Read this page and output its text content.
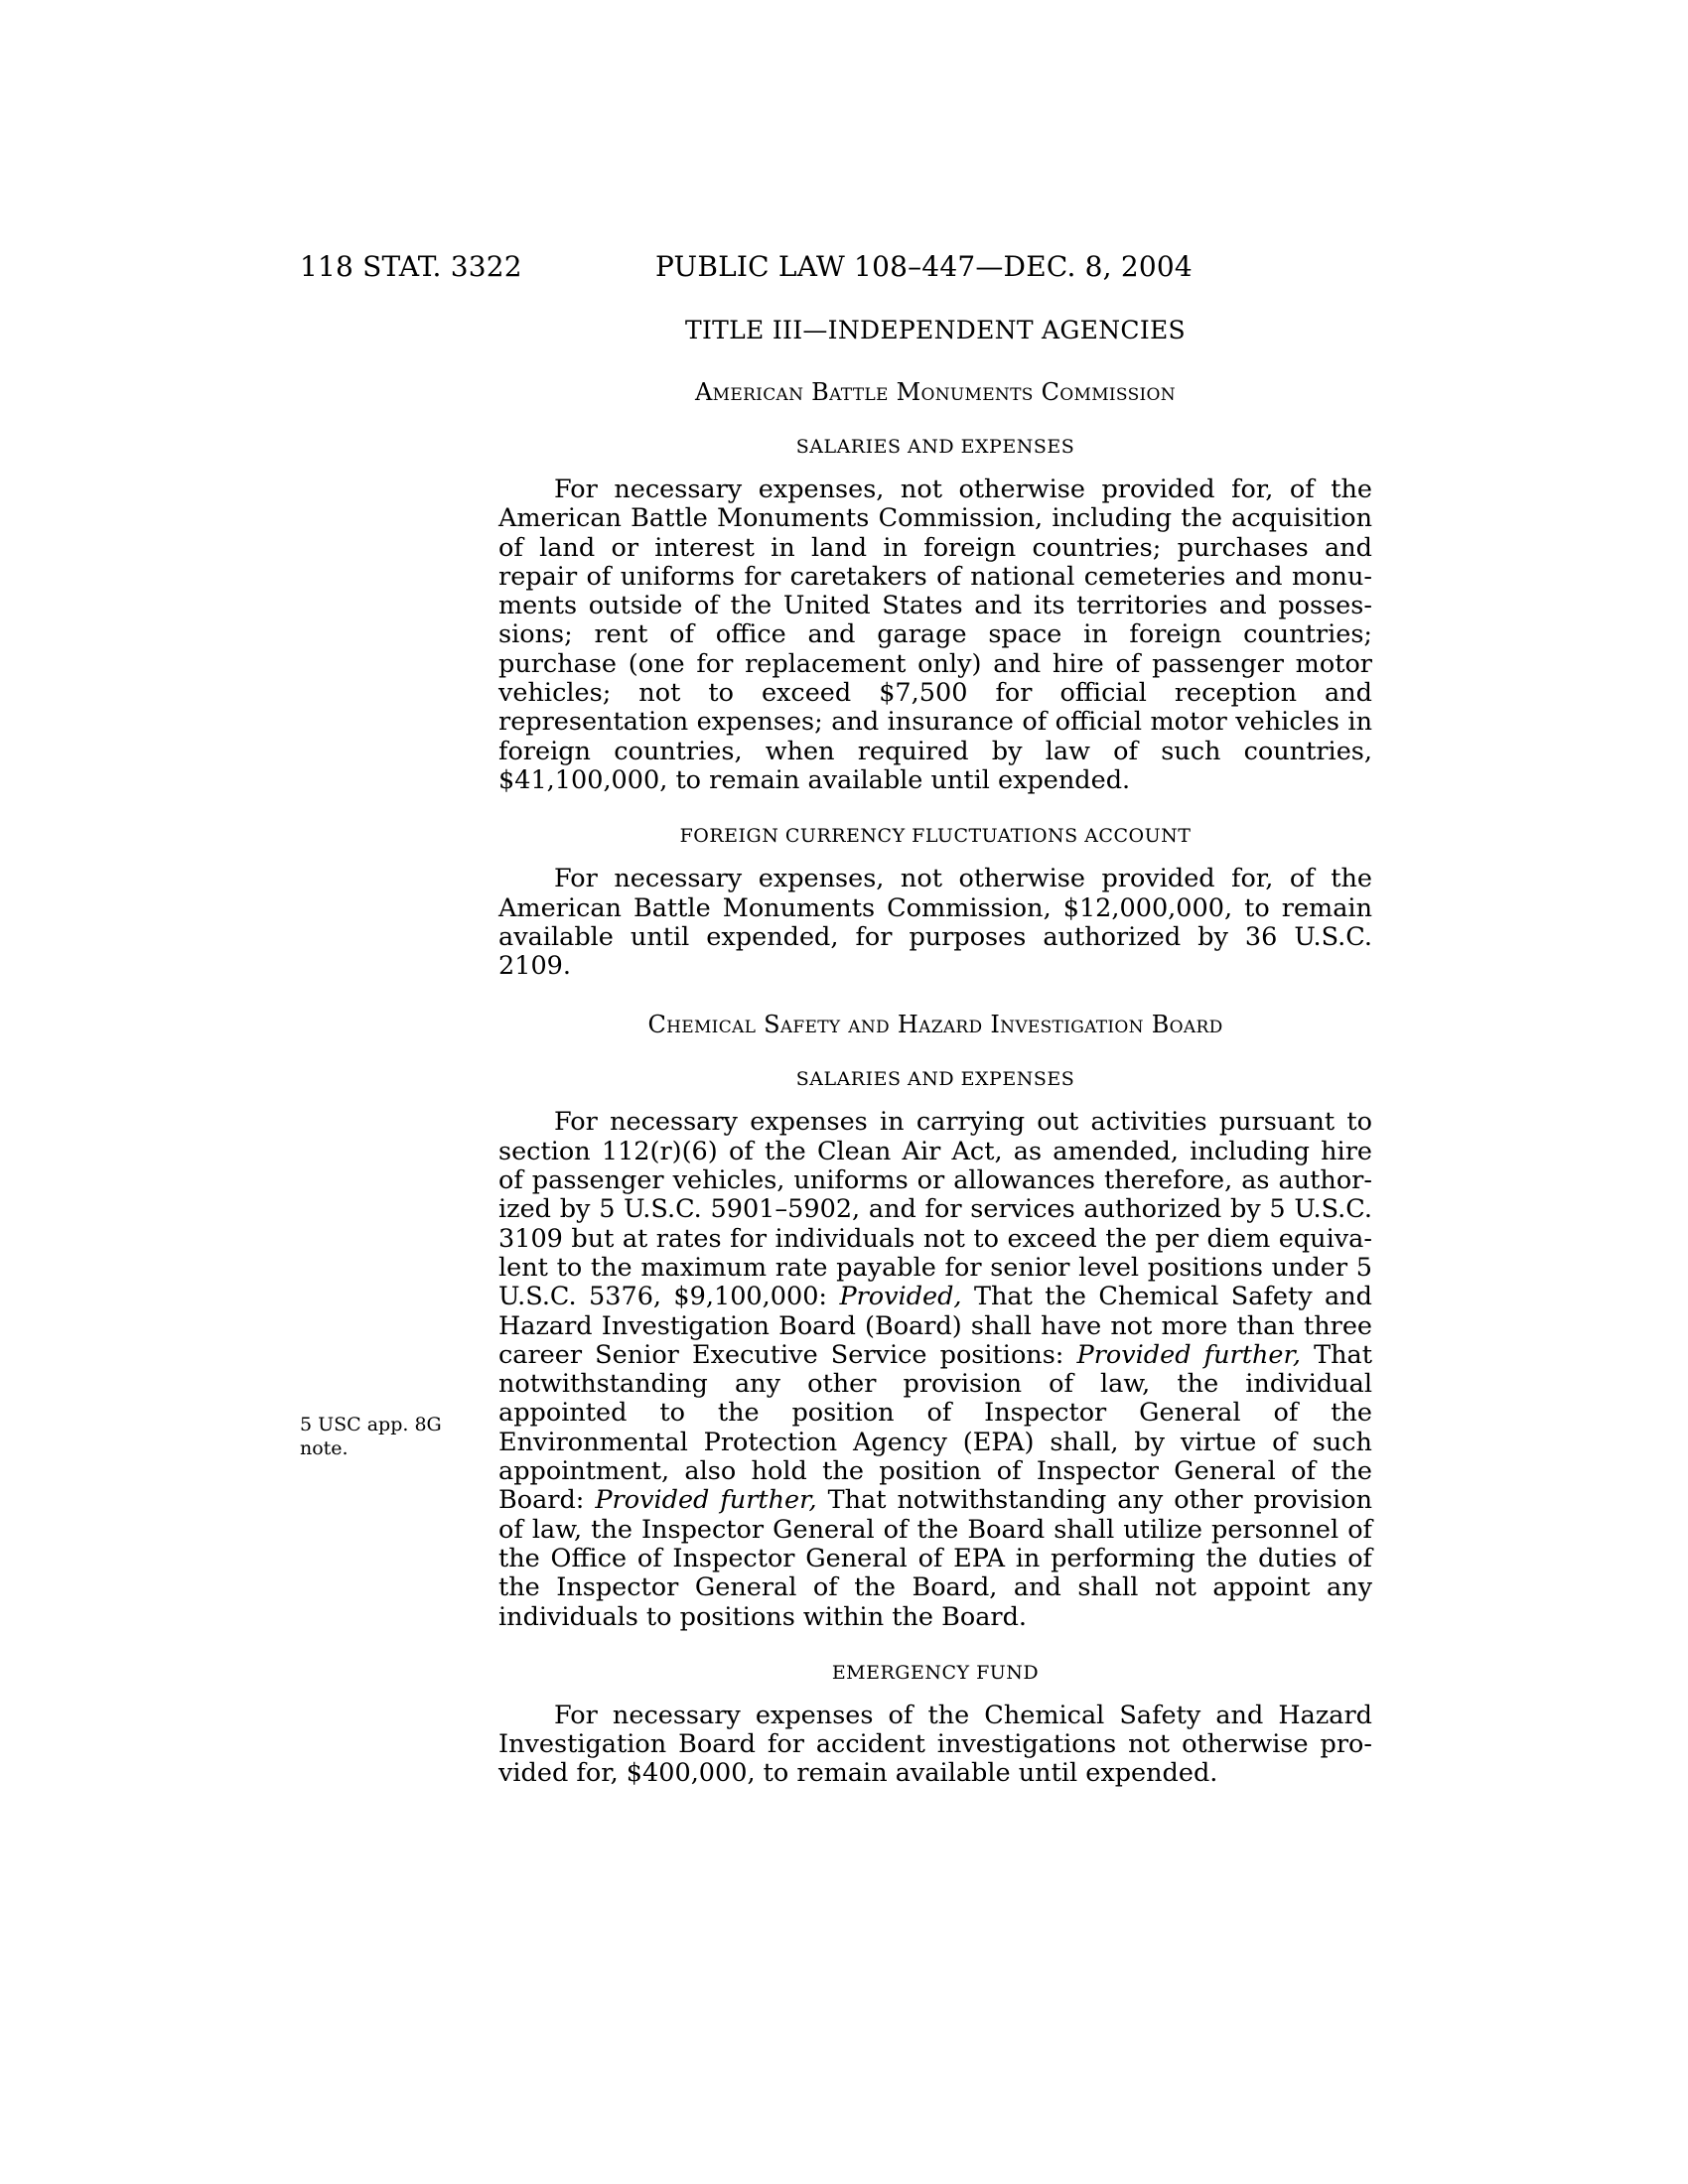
118 STAT. 3322	PUBLIC LAW 108–447—DEC. 8, 2004
5 USC app. 8G note.
TITLE III—INDEPENDENT AGENCIES
American Battle Monuments Commission
SALARIES AND EXPENSES

For necessary expenses, not otherwise provided for, of the American Battle Monuments Commission, including the acquisition of land or interest in land in foreign countries; purchases and repair of uniforms for caretakers of national cemeteries and monuments outside of the United States and its territories and possessions; rent of office and garage space in foreign countries; purchase (one for replacement only) and hire of passenger motor vehicles; not to exceed $7,500 for official reception and representation expenses; and insurance of official motor vehicles in foreign countries, when required by law of such countries, $41,100,000, to remain available until expended.

FOREIGN CURRENCY FLUCTUATIONS ACCOUNT

For necessary expenses, not otherwise provided for, of the American Battle Monuments Commission, $12,000,000, to remain available until expended, for purposes authorized by 36 U.S.C. 2109.

Chemical Safety and Hazard Investigation Board
SALARIES AND EXPENSES

For necessary expenses in carrying out activities pursuant to section 112(r)(6) of the Clean Air Act, as amended, including hire of passenger vehicles, uniforms or allowances therefore, as authorized by 5 U.S.C. 5901–5902, and for services authorized by 5 U.S.C. 3109 but at rates for individuals not to exceed the per diem equivalent to the maximum rate payable for senior level positions under 5 U.S.C. 5376, $9,100,000: Provided, That the Chemical Safety and Hazard Investigation Board (Board) shall have not more than three career Senior Executive Service positions: Provided further, That notwithstanding any other provision of law, the individual appointed to the position of Inspector General of the Environmental Protection Agency (EPA) shall, by virtue of such appointment, also hold the position of Inspector General of the Board: Provided further, That notwithstanding any other provision of law, the Inspector General of the Board shall utilize personnel of the Office of Inspector General of EPA in performing the duties of the Inspector General of the Board, and shall not appoint any individuals to positions within the Board.

EMERGENCY FUND

For necessary expenses of the Chemical Safety and Hazard Investigation Board for accident investigations not otherwise provided for, $400,000, to remain available until expended.
